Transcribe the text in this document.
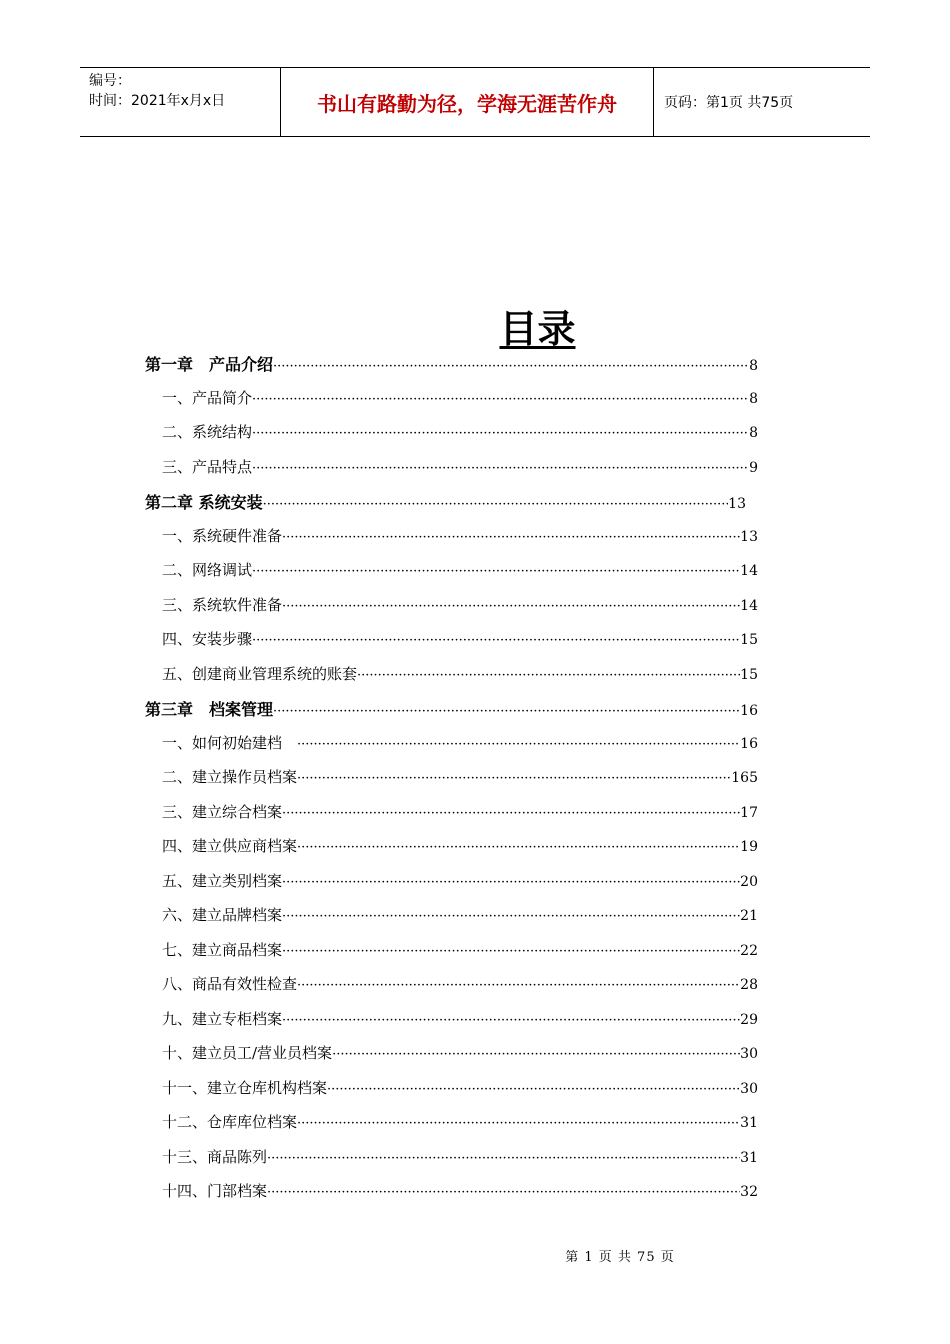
编号：
时间：2021年x月x日	书山有路勤为径，学海无涯苦作舟	页码：第1页 共75页
目录
第一章　产品介绍 ·····	8
一、产品简介 ·····	8
二、系统结构 ·····	8
三、产品特点 ·····	9
第二章 系统安装 ·····	13
一、系统硬件准备 ·····	13
二、网络调试 ·····	14
三、系统软件准备 ·····	14
四、安装步骤 ·····	15
五、创建商业管理系统的账套 ·····	15
第三章　档案管理 ·····	16
一、如何初始建档　 ·····	16
二、建立操作员档案 ·····	165
三、建立综合档案 ·····	17
四、建立供应商档案 ·····	19
五、建立类别档案 ·····	20
六、建立品牌档案 ·····	21
七、建立商品档案 ·····	22
八、商品有效性检查 ·····	28
九、建立专柜档案 ·····	29
十、建立员工/营业员档案 ·····	30
十一、建立仓库机构档案 ·····	30
十二、仓库库位档案 ·····	31
十三、商品陈列 ·····	31
十四、门部档案 ·····	32
第 1 页 共 75 页
